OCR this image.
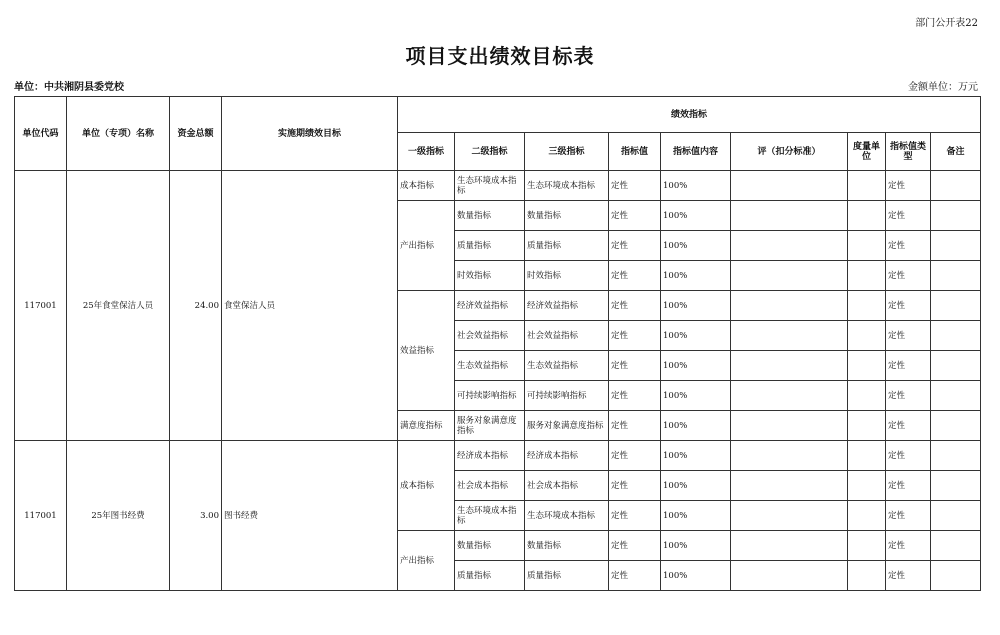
部门公开表22
项目支出绩效目标表
单位：中共湘阴县委党校	金额单位：万元
单位代码	单位（专项）名称	资金总额	实施期绩效目标	绩效指标								
				一级指标	二级指标	三级指标	指标值	指标值内容	评（扣分标准）	度量单位	指标值类型	备注
117001	25年食堂保洁人员	24.00	食堂保洁人员	成本指标	生态环境成本指标	生态环境成本指标	定性	100%			定性	
				产出指标	数量指标	数量指标	定性	100%			定性	
					质量指标	质量指标	定性	100%			定性	
					时效指标	时效指标	定性	100%			定性	
				效益指标	经济效益指标	经济效益指标	定性	100%			定性	
					社会效益指标	社会效益指标	定性	100%			定性	
					生态效益指标	生态效益指标	定性	100%			定性	
					可持续影响指标	可持续影响指标	定性	100%			定性	
				满意度指标	服务对象满意度指标	服务对象满意度指标	定性	100%			定性	
117001	25年图书经费	3.00	图书经费	成本指标	经济成本指标	经济成本指标	定性	100%			定性	
					社会成本指标	社会成本指标	定性	100%			定性	
					生态环境成本指标	生态环境成本指标	定性	100%			定性	
				产出指标	数量指标	数量指标	定性	100%			定性	
					质量指标	质量指标	定性	100%			定性	
